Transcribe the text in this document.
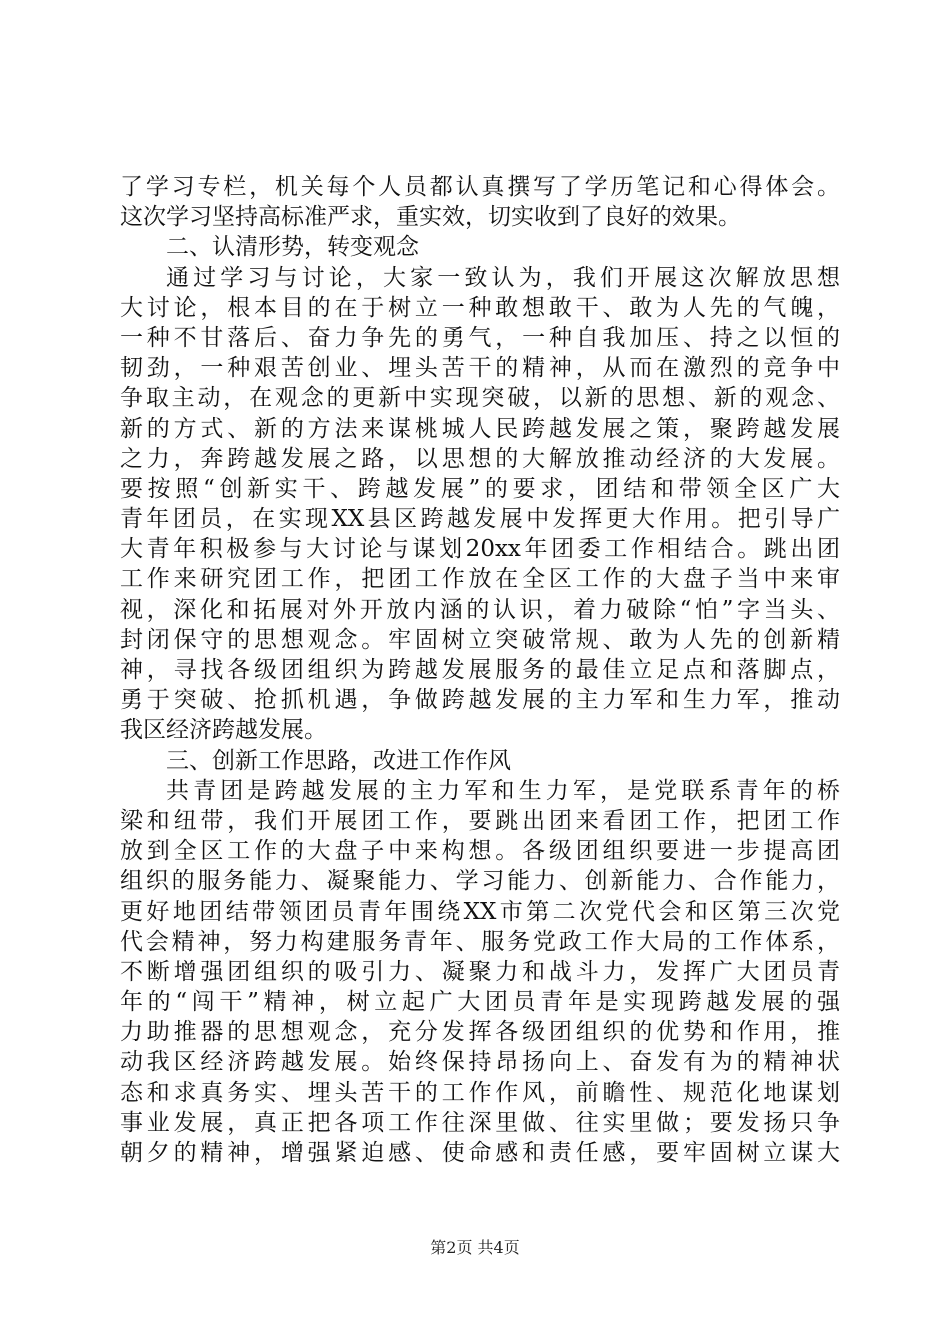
了学习专栏，机关每个人员都认真撰写了学历笔记和心得体会。
这次学习坚持高标准严求，重实效，切实收到了良好的效果。
二、认清形势，转变观念
通过学习与讨论，大家一致认为，我们开展这次解放思想
大讨论，根本目的在于树立一种敢想敢干、敢为人先的气魄，
一种不甘落后、奋力争先的勇气，一种自我加压、持之以恒的
韧劲，一种艰苦创业、埋头苦干的精神，从而在激烈的竞争中
争取主动，在观念的更新中实现突破，以新的思想、新的观念、
新的方式、新的方法来谋桃城人民跨越发展之策，聚跨越发展
之力，奔跨越发展之路，以思想的大解放推动经济的大发展。
要按照“创新实干、跨越发展”的要求，团结和带领全区广大
青年团员，在实现XX县区跨越发展中发挥更大作用。把引导广
大青年积极参与大讨论与谋划20xx年团委工作相结合。跳出团
工作来研究团工作，把团工作放在全区工作的大盘子当中来审
视，深化和拓展对外开放内涵的认识，着力破除“怕”字当头、
封闭保守的思想观念。牢固树立突破常规、敢为人先的创新精
神，寻找各级团组织为跨越发展服务的最佳立足点和落脚点，
勇于突破、抢抓机遇，争做跨越发展的主力军和生力军，推动
我区经济跨越发展。
三、创新工作思路，改进工作作风
共青团是跨越发展的主力军和生力军，是党联系青年的桥
梁和纽带，我们开展团工作，要跳出团来看团工作，把团工作
放到全区工作的大盘子中来构想。各级团组织要进一步提高团
组织的服务能力、凝聚能力、学习能力、创新能力、合作能力，
更好地团结带领团员青年围绕XX市第二次党代会和区第三次党
代会精神，努力构建服务青年、服务党政工作大局的工作体系，
不断增强团组织的吸引力、凝聚力和战斗力，发挥广大团员青
年的“闯干”精神，树立起广大团员青年是实现跨越发展的强
力助推器的思想观念，充分发挥各级团组织的优势和作用，推
动我区经济跨越发展。始终保持昂扬向上、奋发有为的精神状
态和求真务实、埋头苦干的工作作风，前瞻性、规范化地谋划
事业发展，真正把各项工作往深里做、往实里做；要发扬只争
朝夕的精神，增强紧迫感、使命感和责任感，要牢固树立谋大
第2页 共4页
